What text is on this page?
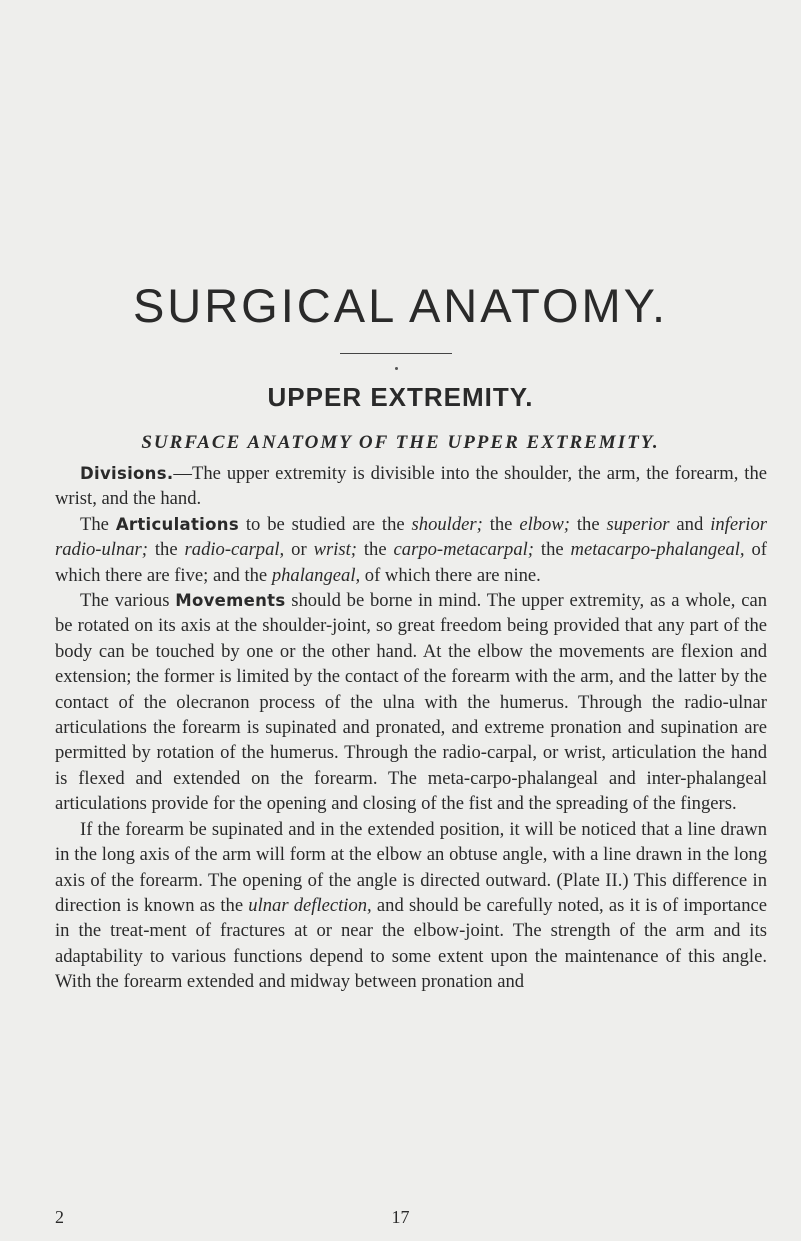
SURGICAL ANATOMY.
UPPER EXTREMITY.
SURFACE ANATOMY OF THE UPPER EXTREMITY.

Divisions.—The upper extremity is divisible into the shoulder, the arm, the forearm, the wrist, and the hand.

The Articulations to be studied are the shoulder; the elbow; the superior and inferior radio-ulnar; the radio-carpal, or wrist; the carpo-metacarpal; the metacarpo-phalangeal, of which there are five; and the phalangeal, of which there are nine.

The various Movements should be borne in mind. The upper extremity, as a whole, can be rotated on its axis at the shoulder-joint, so great freedom being provided that any part of the body can be touched by one or the other hand. At the elbow the movements are flexion and extension; the former is limited by the contact of the forearm with the arm, and the latter by the contact of the olecranon process of the ulna with the humerus. Through the radio-ulnar articulations the forearm is supinated and pronated, and extreme pronation and supination are permitted by rotation of the humerus. Through the radio-carpal, or wrist, articulation the hand is flexed and extended on the forearm. The meta-carpo-phalangeal and inter-phalangeal articulations provide for the opening and closing of the fist and the spreading of the fingers.

If the forearm be supinated and in the extended position, it will be noticed that a line drawn in the long axis of the arm will form at the elbow an obtuse angle, with a line drawn in the long axis of the forearm. The opening of the angle is directed outward. (Plate II.) This difference in direction is known as the ulnar deflection, and should be carefully noted, as it is of importance in the treat-ment of fractures at or near the elbow-joint. The strength of the arm and its adaptability to various functions depend to some extent upon the maintenance of this angle. With the forearm extended and midway between pronation and

2	17
